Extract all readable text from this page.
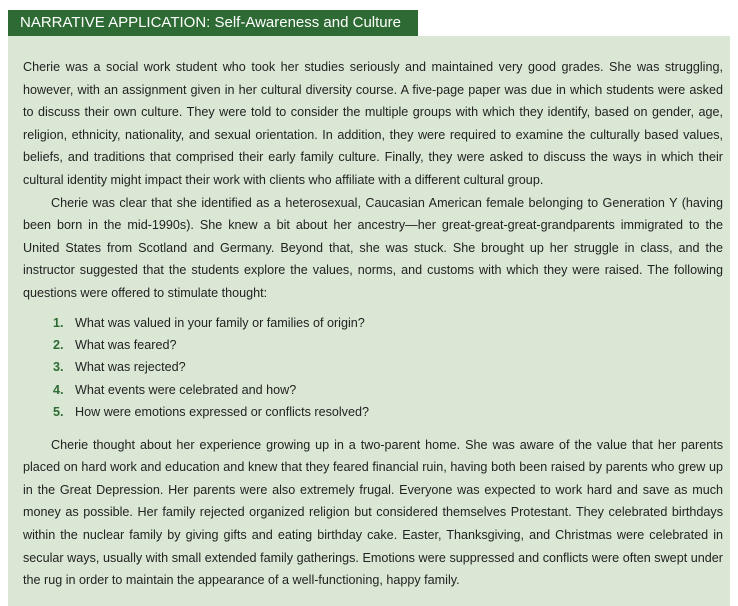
NARRATIVE APPLICATION: Self-Awareness and Culture

Cherie was a social work student who took her studies seriously and maintained very good grades. She was struggling, however, with an assignment given in her cultural diversity course. A five-page paper was due in which students were asked to discuss their own culture. They were told to consider the multiple groups with which they identify, based on gender, age, religion, ethnicity, nationality, and sexual orientation. In addition, they were required to examine the culturally based values, beliefs, and traditions that comprised their early family culture. Finally, they were asked to discuss the ways in which their cultural identity might impact their work with clients who affiliate with a different cultural group.

Cherie was clear that she identified as a heterosexual, Caucasian American female belonging to Generation Y (having been born in the mid-1990s). She knew a bit about her ancestry—her great-great-great-grandparents immigrated to the United States from Scotland and Germany. Beyond that, she was stuck. She brought up her struggle in class, and the instructor suggested that the students explore the values, norms, and customs with which they were raised. The following questions were offered to stimulate thought:

1. What was valued in your family or families of origin?
2. What was feared?
3. What was rejected?
4. What events were celebrated and how?
5. How were emotions expressed or conflicts resolved?

Cherie thought about her experience growing up in a two-parent home. She was aware of the value that her parents placed on hard work and education and knew that they feared financial ruin, having both been raised by parents who grew up in the Great Depression. Her parents were also extremely frugal. Everyone was expected to work hard and save as much money as possible. Her family rejected organized religion but considered themselves Protestant. They celebrated birthdays within the nuclear family by giving gifts and eating birthday cake. Easter, Thanksgiving, and Christmas were celebrated in secular ways, usually with small extended family gatherings. Emotions were suppressed and conflicts were often swept under the rug in order to maintain the appearance of a well-functioning, happy family.
